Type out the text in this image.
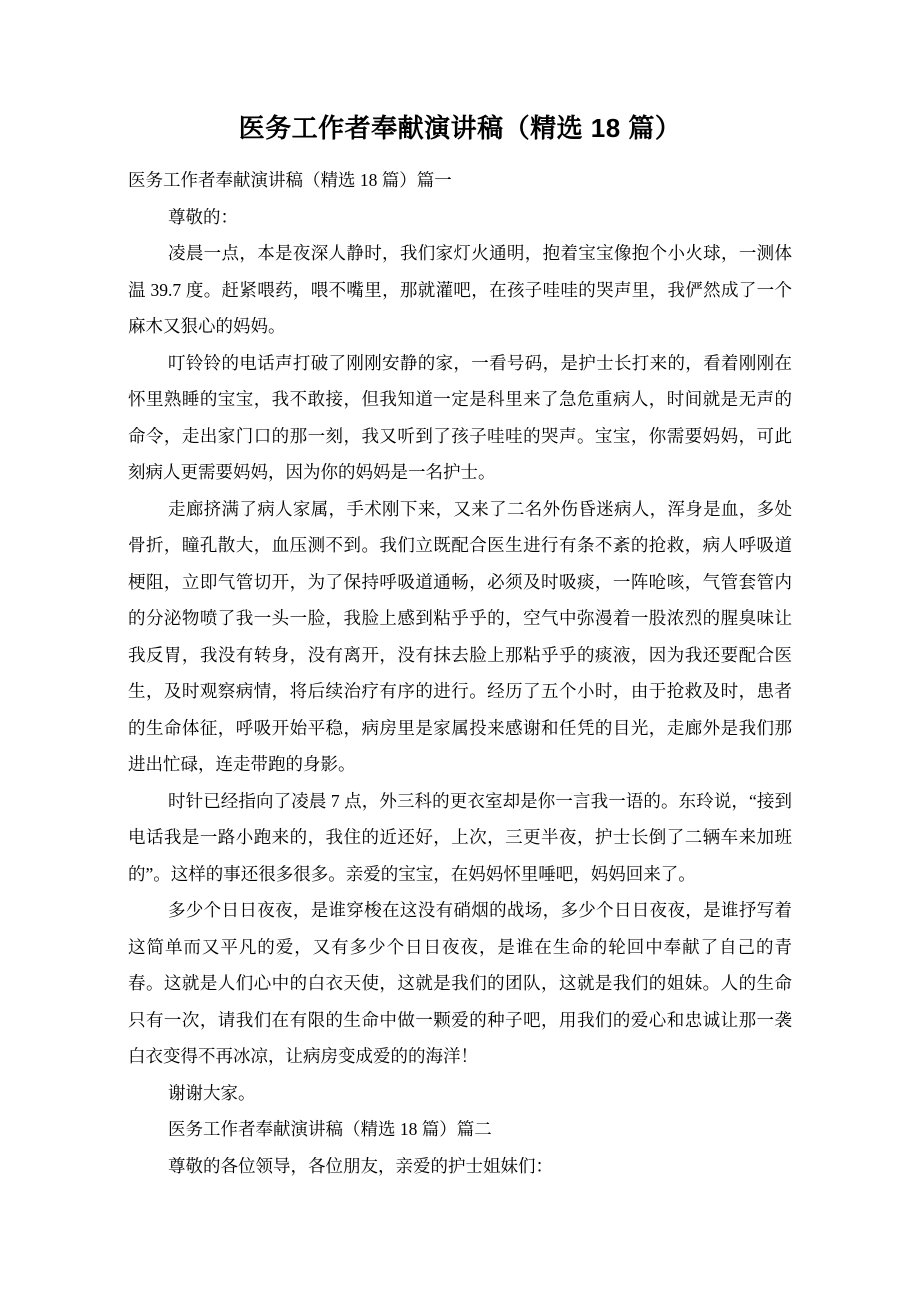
医务工作者奉献演讲稿（精选 18 篇）

医务工作者奉献演讲稿（精选 18 篇）篇一

尊敬的：

凌晨一点，本是夜深人静时，我们家灯火通明，抱着宝宝像抱个小火球，一测体温 39.7 度。赶紧喂药，喂不嘴里，那就灌吧，在孩子哇哇的哭声里，我俨然成了一个麻木又狠心的妈妈。

叮铃铃的电话声打破了刚刚安静的家，一看号码，是护士长打来的，看着刚刚在怀里熟睡的宝宝，我不敢接，但我知道一定是科里来了急危重病人，时间就是无声的命令，走出家门口的那一刻，我又听到了孩子哇哇的哭声。宝宝，你需要妈妈，可此刻病人更需要妈妈，因为你的妈妈是一名护士。

走廊挤满了病人家属，手术刚下来，又来了二名外伤昏迷病人，浑身是血，多处骨折，瞳孔散大，血压测不到。我们立既配合医生进行有条不紊的抢救，病人呼吸道梗阻，立即气管切开，为了保持呼吸道通畅，必须及时吸痰，一阵呛咳，气管套管内的分泌物喷了我一头一脸，我脸上感到粘乎乎的，空气中弥漫着一股浓烈的腥臭味让我反胃，我没有转身，没有离开，没有抹去脸上那粘乎乎的痰液，因为我还要配合医生，及时观察病情，将后续治疗有序的进行。经历了五个小时，由于抢救及时，患者的生命体征，呼吸开始平稳，病房里是家属投来感谢和任凭的目光，走廊外是我们那进出忙碌，连走带跑的身影。

时针已经指向了凌晨 7 点，外三科的更衣室却是你一言我一语的。东玲说，“接到电话我是一路小跑来的，我住的近还好，上次，三更半夜，护士长倒了二辆车来加班的”。这样的事还很多很多。亲爱的宝宝，在妈妈怀里唾吧，妈妈回来了。

多少个日日夜夜，是谁穿梭在这没有硝烟的战场，多少个日日夜夜，是谁抒写着这简单而又平凡的爱，又有多少个日日夜夜，是谁在生命的轮回中奉献了自己的青春。这就是人们心中的白衣天使，这就是我们的团队，这就是我们的姐妹。人的生命只有一次，请我们在有限的生命中做一颗爱的种子吧，用我们的爱心和忠诚让那一袭白衣变得不再冰凉，让病房变成爱的的海洋！

谢谢大家。

医务工作者奉献演讲稿（精选 18 篇）篇二

尊敬的各位领导，各位朋友，亲爱的护士姐妹们：
